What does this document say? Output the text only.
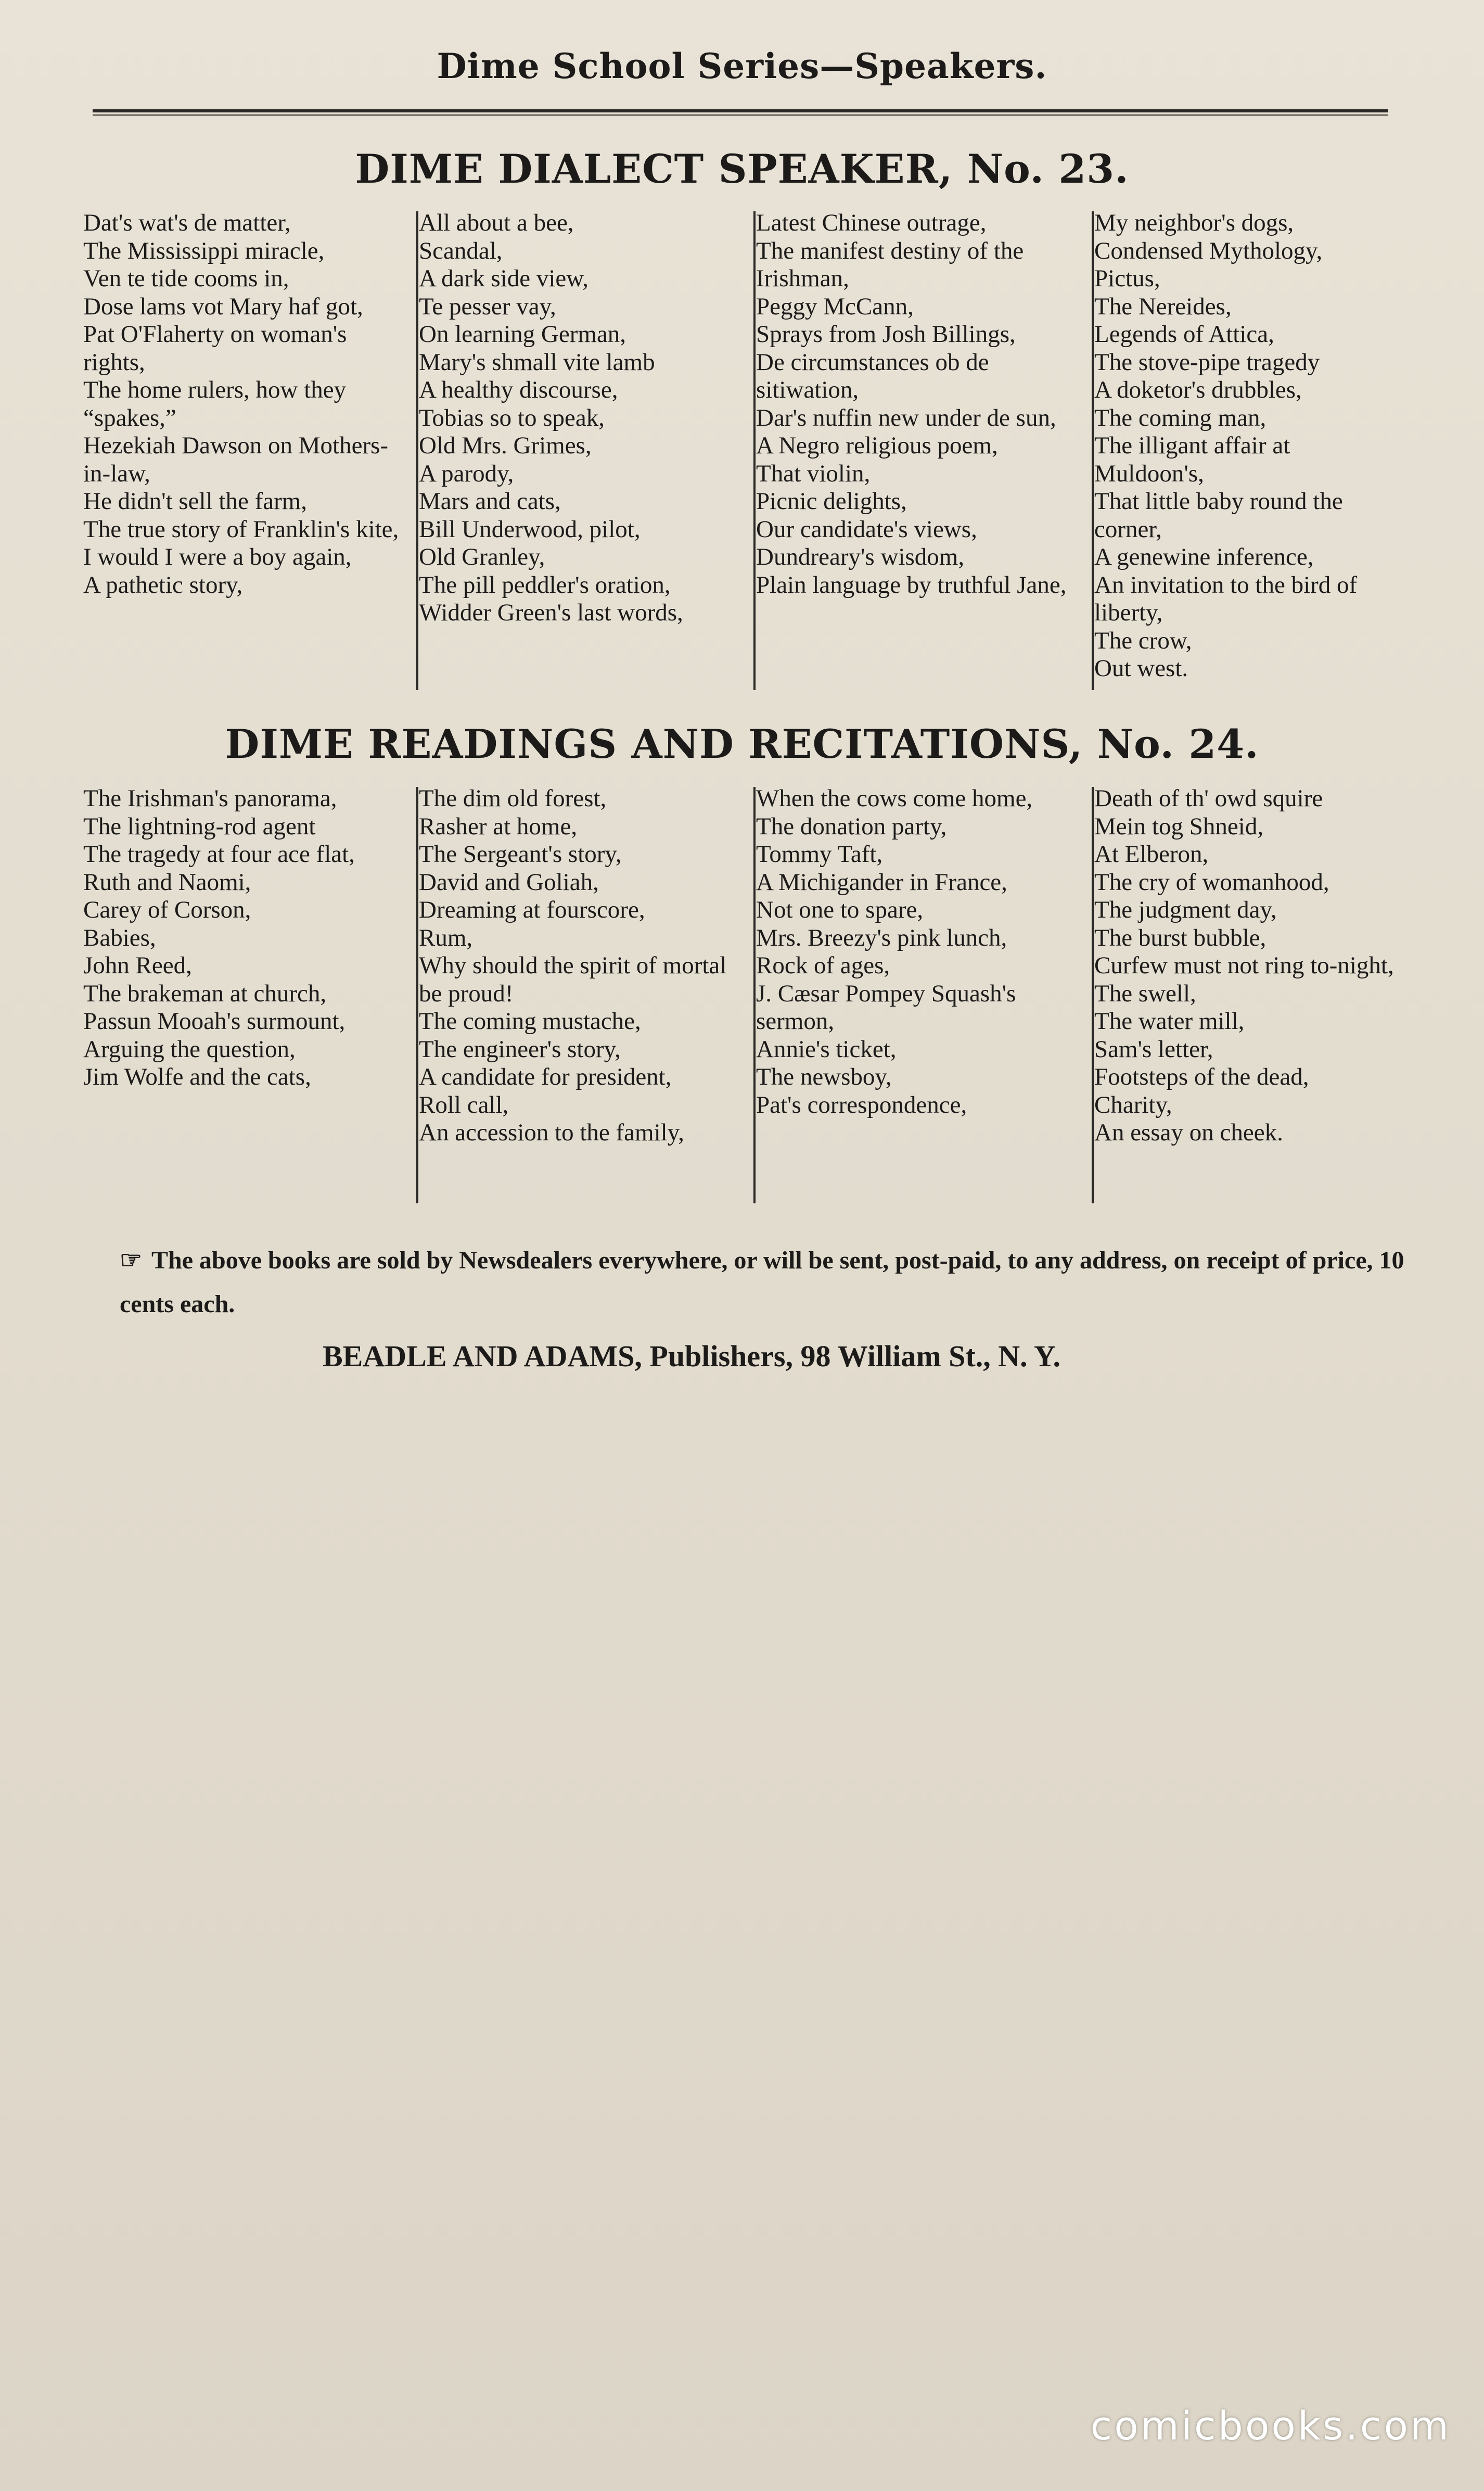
Dime School Series—Speakers.
DIME DIALECT SPEAKER, No. 23.
Dat's wat's de matter,
The Mississippi miracle,
Ven te tide cooms in,
Dose lams vot Mary haf got,
Pat O'Flaherty on woman's rights,
The home rulers, how they “spakes,”
Hezekiah Dawson on Mothers-in-law,
He didn't sell the farm,
The true story of Franklin's kite,
I would I were a boy again,
A pathetic story,
All about a bee,
Scandal,
A dark side view,
Te pesser vay,
On learning German,
Mary's shmall vite lamb
A healthy discourse,
Tobias so to speak,
Old Mrs. Grimes,
A parody,
Mars and cats,
Bill Underwood, pilot,
Old Granley,
The pill peddler's oration,
Widder Green's last words,
Latest Chinese outrage,
The manifest destiny of the Irishman,
Peggy McCann,
Sprays from Josh Billings,
De circumstances ob de sitiwation,
Dar's nuffin new under de sun,
A Negro religious poem,
That violin,
Picnic delights,
Our candidate's views,
Dundreary's wisdom,
Plain language by truthful Jane,
My neighbor's dogs,
Condensed Mythology,
Pictus,
The Nereides,
Legends of Attica,
The stove-pipe tragedy
A doketor's drubbles,
The coming man,
The illigant affair at Muldoon's,
That little baby round the corner,
A genewine inference,
An invitation to the bird of liberty,
The crow,
Out west.
DIME READINGS AND RECITATIONS, No. 24.
The Irishman's panorama,
The lightning-rod agent
The tragedy at four ace flat,
Ruth and Naomi,
Carey of Corson,
Babies,
John Reed,
The brakeman at church,
Passun Mooah's surmount,
Arguing the question,
Jim Wolfe and the cats,
The dim old forest,
Rasher at home,
The Sergeant's story,
David and Goliah,
Dreaming at fourscore,
Rum,
Why should the spirit of mortal be proud!
The coming mustache,
The engineer's story,
A candidate for president,
Roll call,
An accession to the family,
When the cows come home,
The donation party,
Tommy Taft,
A Michigander in France,
Not one to spare,
Mrs. Breezy's pink lunch,
Rock of ages,
J. Cæsar Pompey Squash's sermon,
Annie's ticket,
The newsboy,
Pat's correspondence,
Death of th' owd squire
Mein tog Shneid,
At Elberon,
The cry of womanhood,
The judgment day,
The burst bubble,
Curfew must not ring to-night,
The swell,
The water mill,
Sam's letter,
Footsteps of the dead,
Charity,
An essay on cheek.
☞ The above books are sold by Newsdealers everywhere, or will be sent, post-paid, to any address, on receipt of price, 10 cents each.
BEADLE AND ADAMS, Publishers, 98 William St., N. Y.
comicbooks.com
